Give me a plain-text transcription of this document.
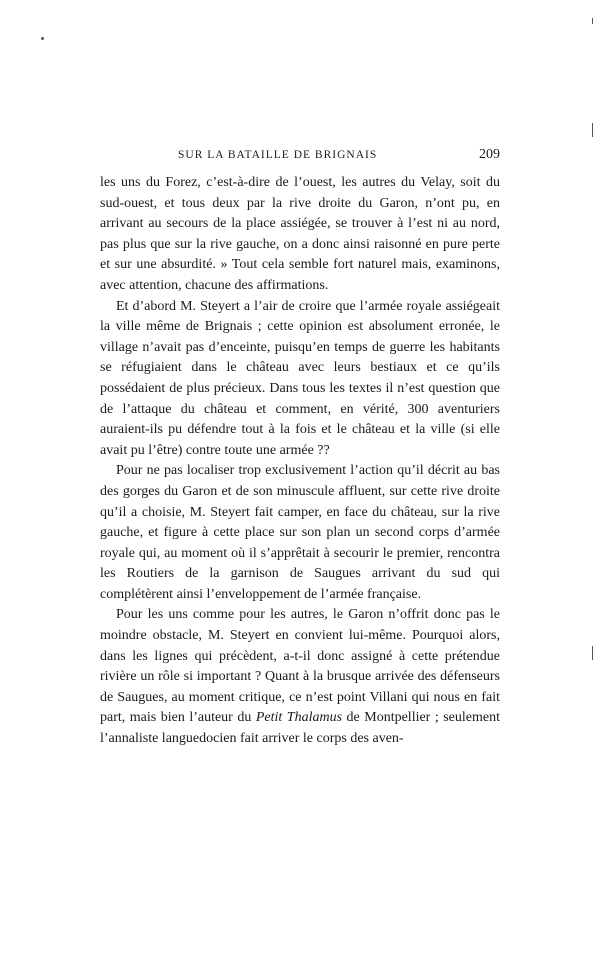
SUR LA BATAILLE DE BRIGNAIS	209

les uns du Forez, c’est-à-dire de l’ouest, les autres du Velay, soit du sud-ouest, et tous deux par la rive droite du Garon, n’ont pu, en arrivant au secours de la place assiégée, se trouver à l’est ni au nord, pas plus que sur la rive gauche, on a donc ainsi raisonné en pure perte et sur une absurdité. » Tout cela semble fort naturel mais, examinons, avec attention, chacune des affirmations.

Et d’abord M. Steyert a l’air de croire que l’armée royale assiégeait la ville même de Brignais ; cette opinion est absolument erronée, le village n’avait pas d’enceinte, puisqu’en temps de guerre les habitants se réfugiaient dans le château avec leurs bestiaux et ce qu’ils possédaient de plus précieux. Dans tous les textes il n’est question que de l’attaque du château et comment, en vérité, 300 aventuriers auraient-ils pu défendre tout à la fois et le château et la ville (si elle avait pu l’être) contre toute une armée ??

Pour ne pas localiser trop exclusivement l’action qu’il décrit au bas des gorges du Garon et de son minuscule affluent, sur cette rive droite qu’il a choisie, M. Steyert fait camper, en face du château, sur la rive gauche, et figure à cette place sur son plan un second corps d’armée royale qui, au moment où il s’apprêtait à secourir le premier, rencontra les Routiers de la garnison de Saugues arrivant du sud qui complétèrent ainsi l’enveloppement de l’armée française.

Pour les uns comme pour les autres, le Garon n’offrit donc pas le moindre obstacle, M. Steyert en convient lui-même. Pourquoi alors, dans les lignes qui précèdent, a-t-il donc assigné à cette prétendue rivière un rôle si important ? Quant à la brusque arrivée des défenseurs de Saugues, au moment critique, ce n’est point Villani qui nous en fait part, mais bien l’auteur du Petit Thalamus de Montpellier ; seulement l’annaliste languedocien fait arriver le corps des aven-
